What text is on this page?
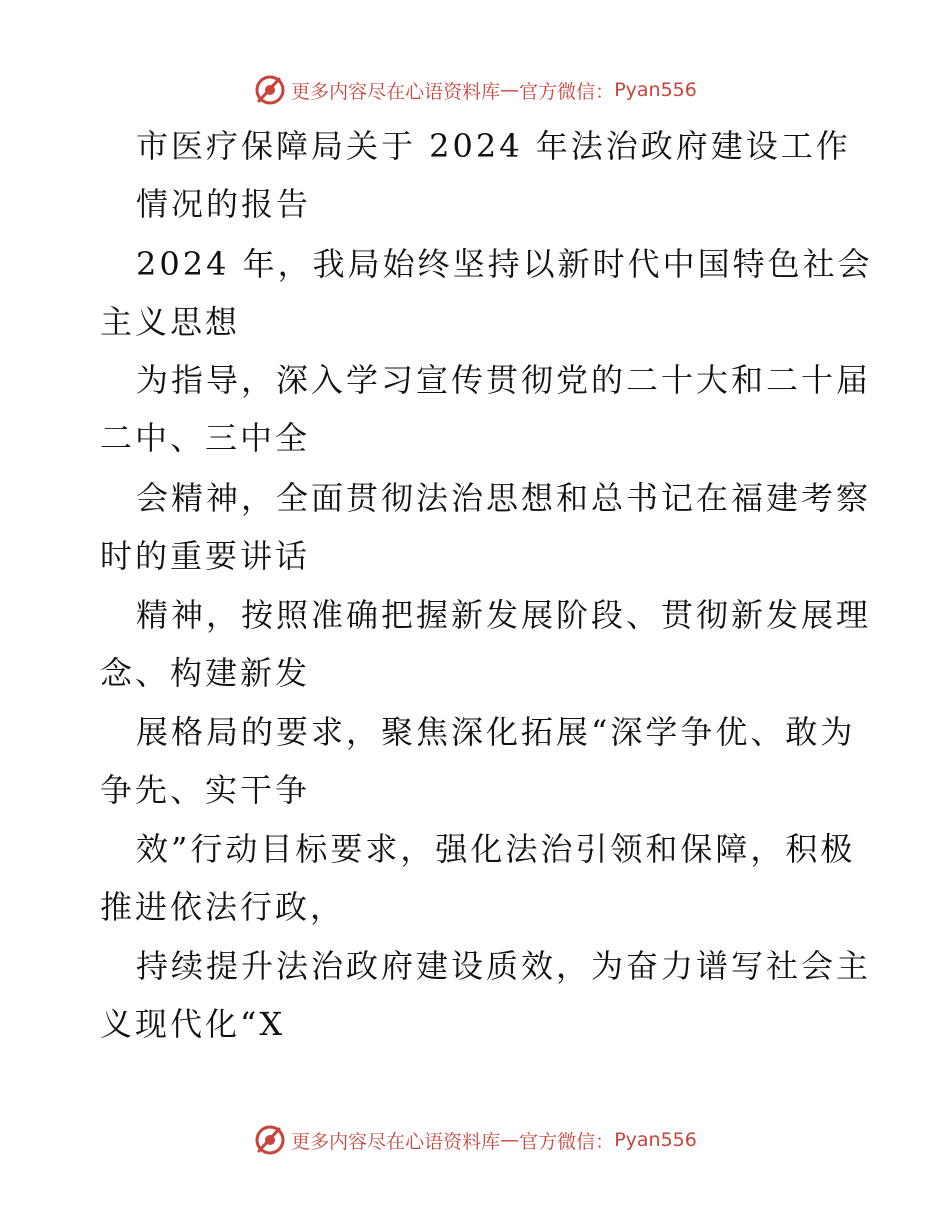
更多内容尽在心语资料库 — 官方微信： Pyan556
市医疗保障局关于 2024 年法治政府建设工作
情况的报告
2024 年，我局始终坚持以新时代中国特色社会
主义思想
为指导，深入学习宣传贯彻党的二十大和二十届
二中、三中全
会精神，全面贯彻法治思想和总书记在福建考察
时的重要讲话
精神，按照准确把握新发展阶段、贯彻新发展理
念、构建新发
展格局的要求，聚焦深化拓展“深学争优、敢为
争先、实干争
效”行动目标要求，强化法治引领和保障，积极
推进依法行政，
持续提升法治政府建设质效，为奋力谱写社会主
义现代化“X
更多内容尽在心语资料库 — 官方微信： Pyan556
